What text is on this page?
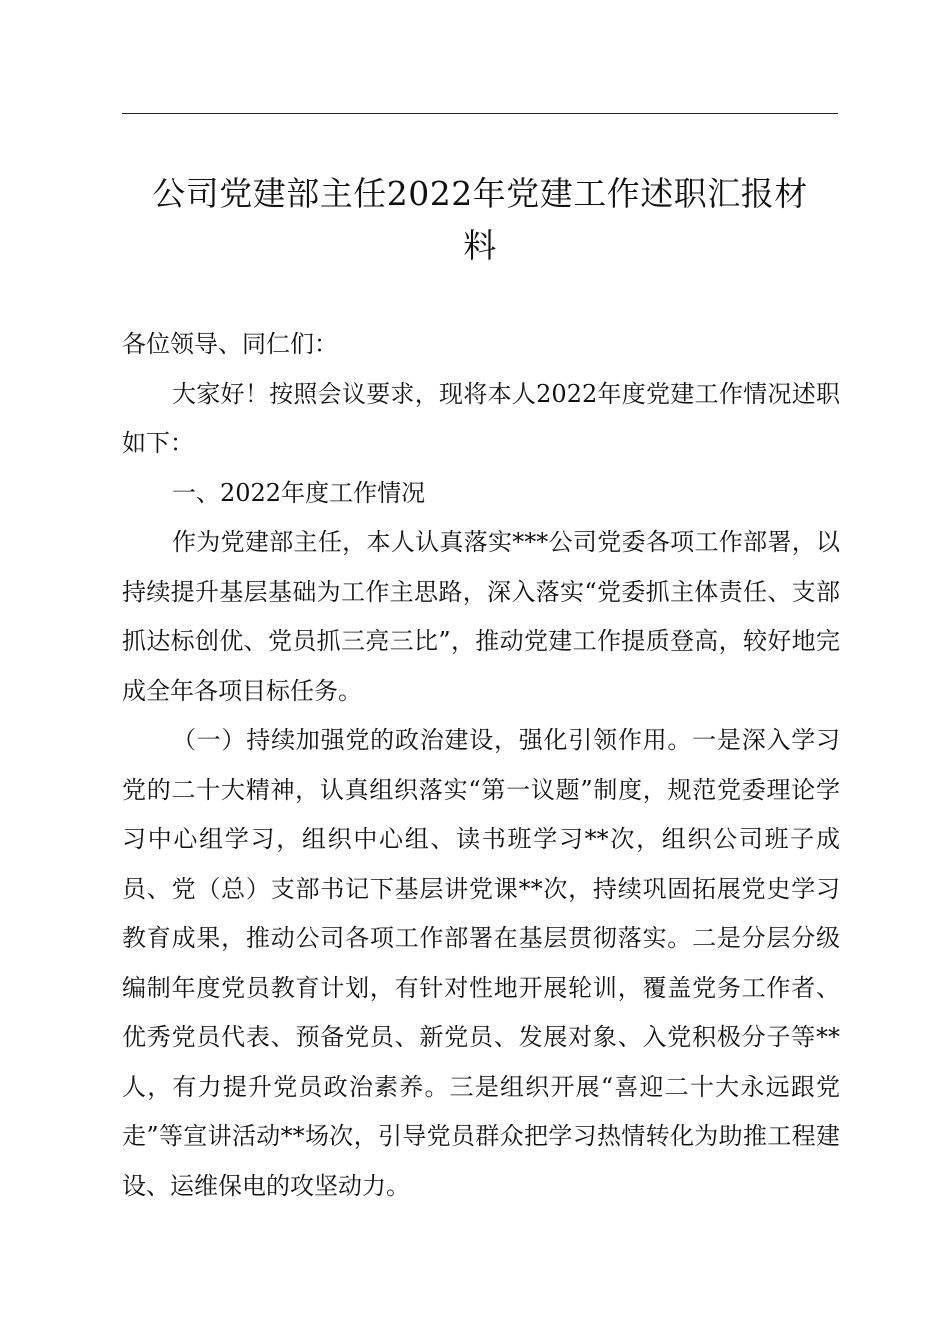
公司党建部主任2022年党建工作述职汇报材
料

各位领导、同仁们：

大家好！按照会议要求，现将本人2022年度党建工作情况述职如下：

一、2022年度工作情况

作为党建部主任，本人认真落实***公司党委各项工作部署，以持续提升基层基础为工作主思路，深入落实“党委抓主体责任、支部抓达标创优、党员抓三亮三比”，推动党建工作提质登高，较好地完成全年各项目标任务。

（一）持续加强党的政治建设，强化引领作用。一是深入学习党的二十大精神，认真组织落实“第一议题”制度，规范党委理论学习中心组学习，组织中心组、读书班学习**次，组织公司班子成员、党（总）支部书记下基层讲党课**次，持续巩固拓展党史学习教育成果，推动公司各项工作部署在基层贯彻落实。二是分层分级编制年度党员教育计划，有针对性地开展轮训，覆盖党务工作者、优秀党员代表、预备党员、新党员、发展对象、入党积极分子等**人，有力提升党员政治素养。三是组织开展“喜迎二十大永远跟党走”等宣讲活动**场次，引导党员群众把学习热情转化为助推工程建设、运维保电的攻坚动力。
